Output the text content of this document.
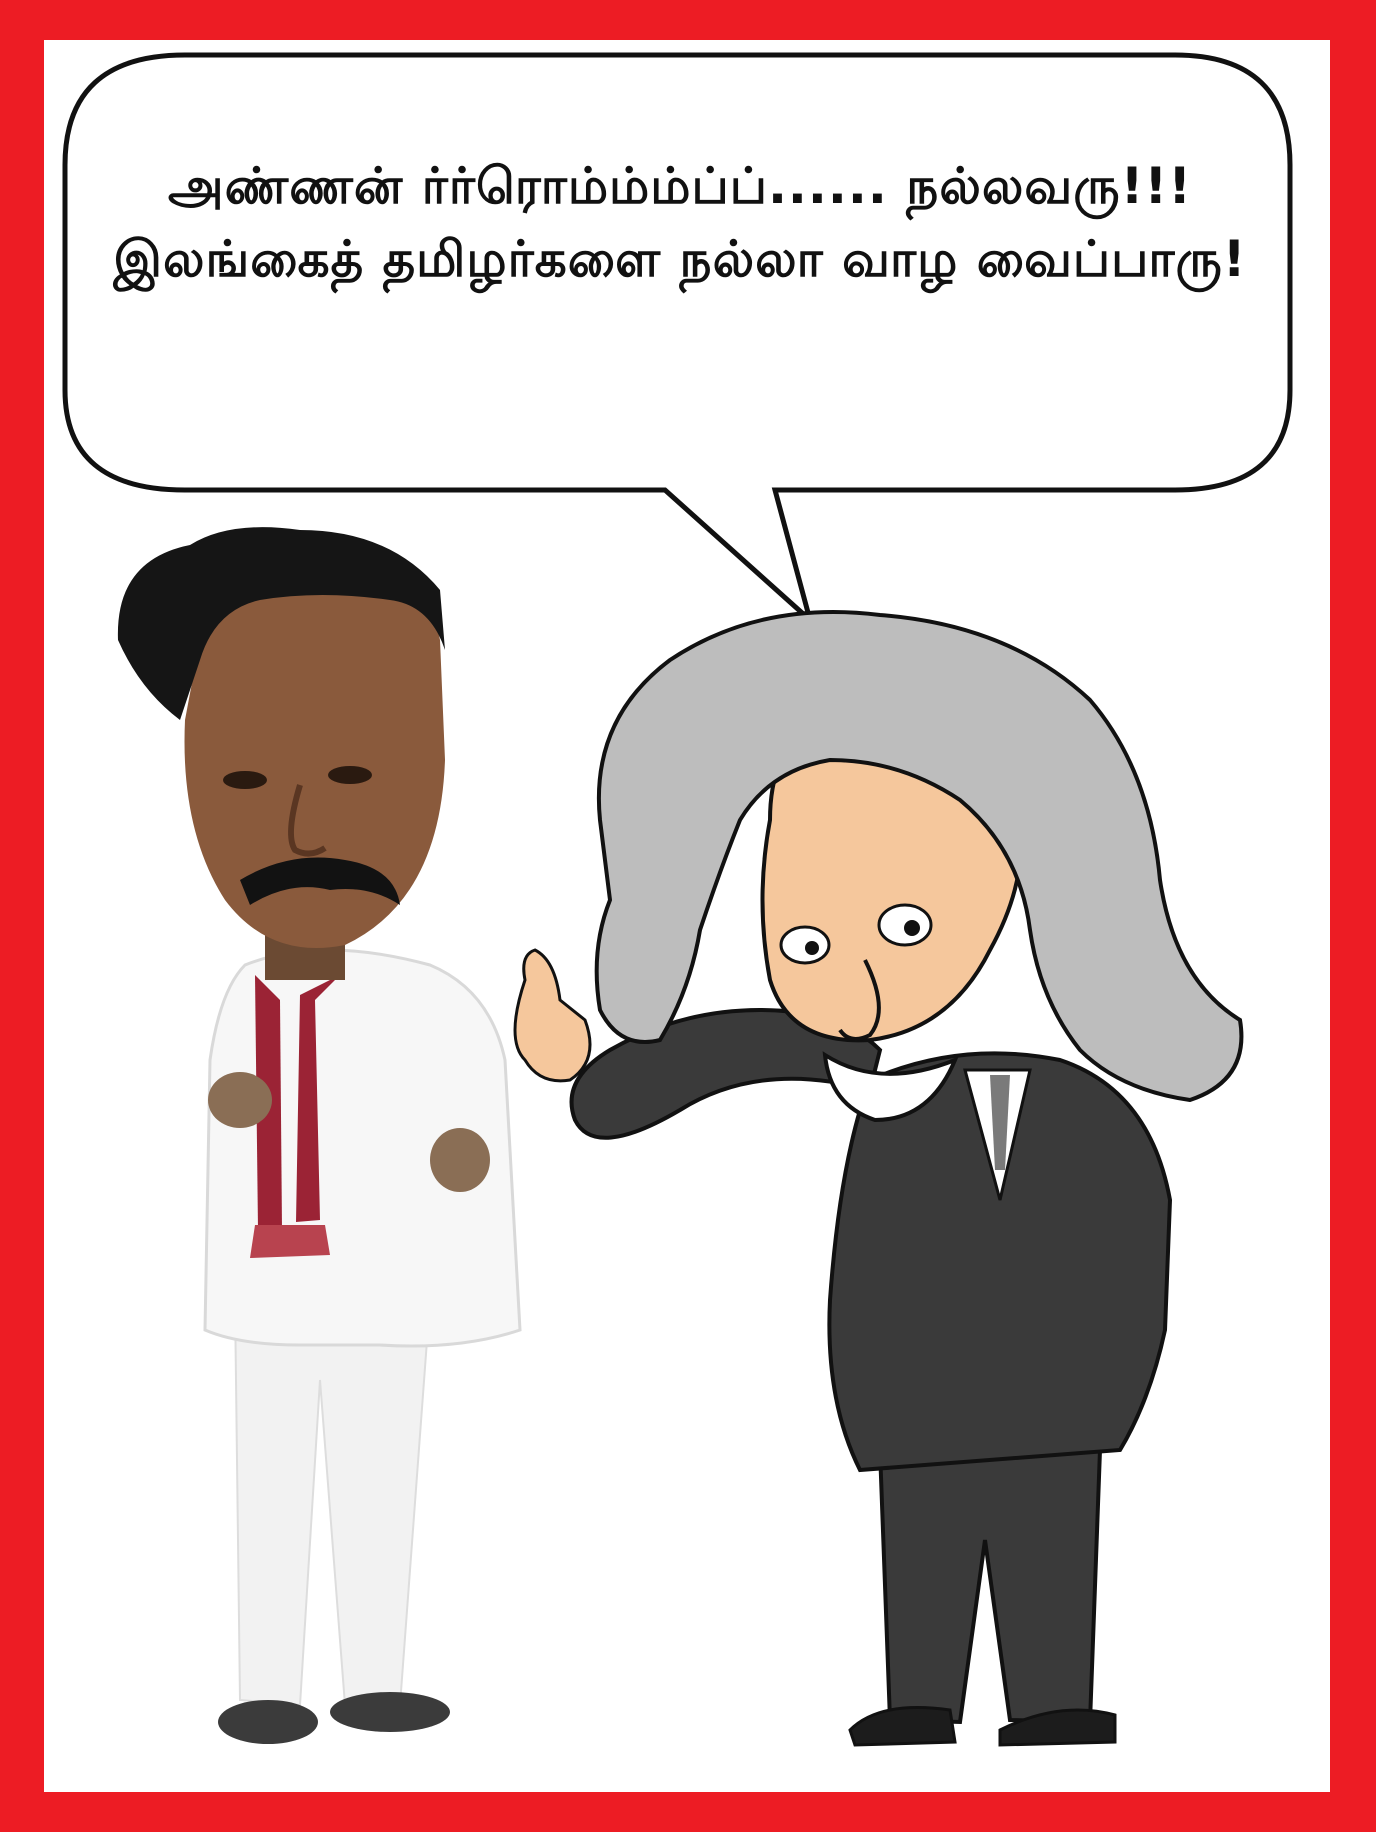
அண்ணன் ர்ர்ரொம்ம்ம்ப்ப்...... நல்லவரு!!!
இலங்கைத் தமிழர்களை நல்லா வாழ வைப்பாரு!
